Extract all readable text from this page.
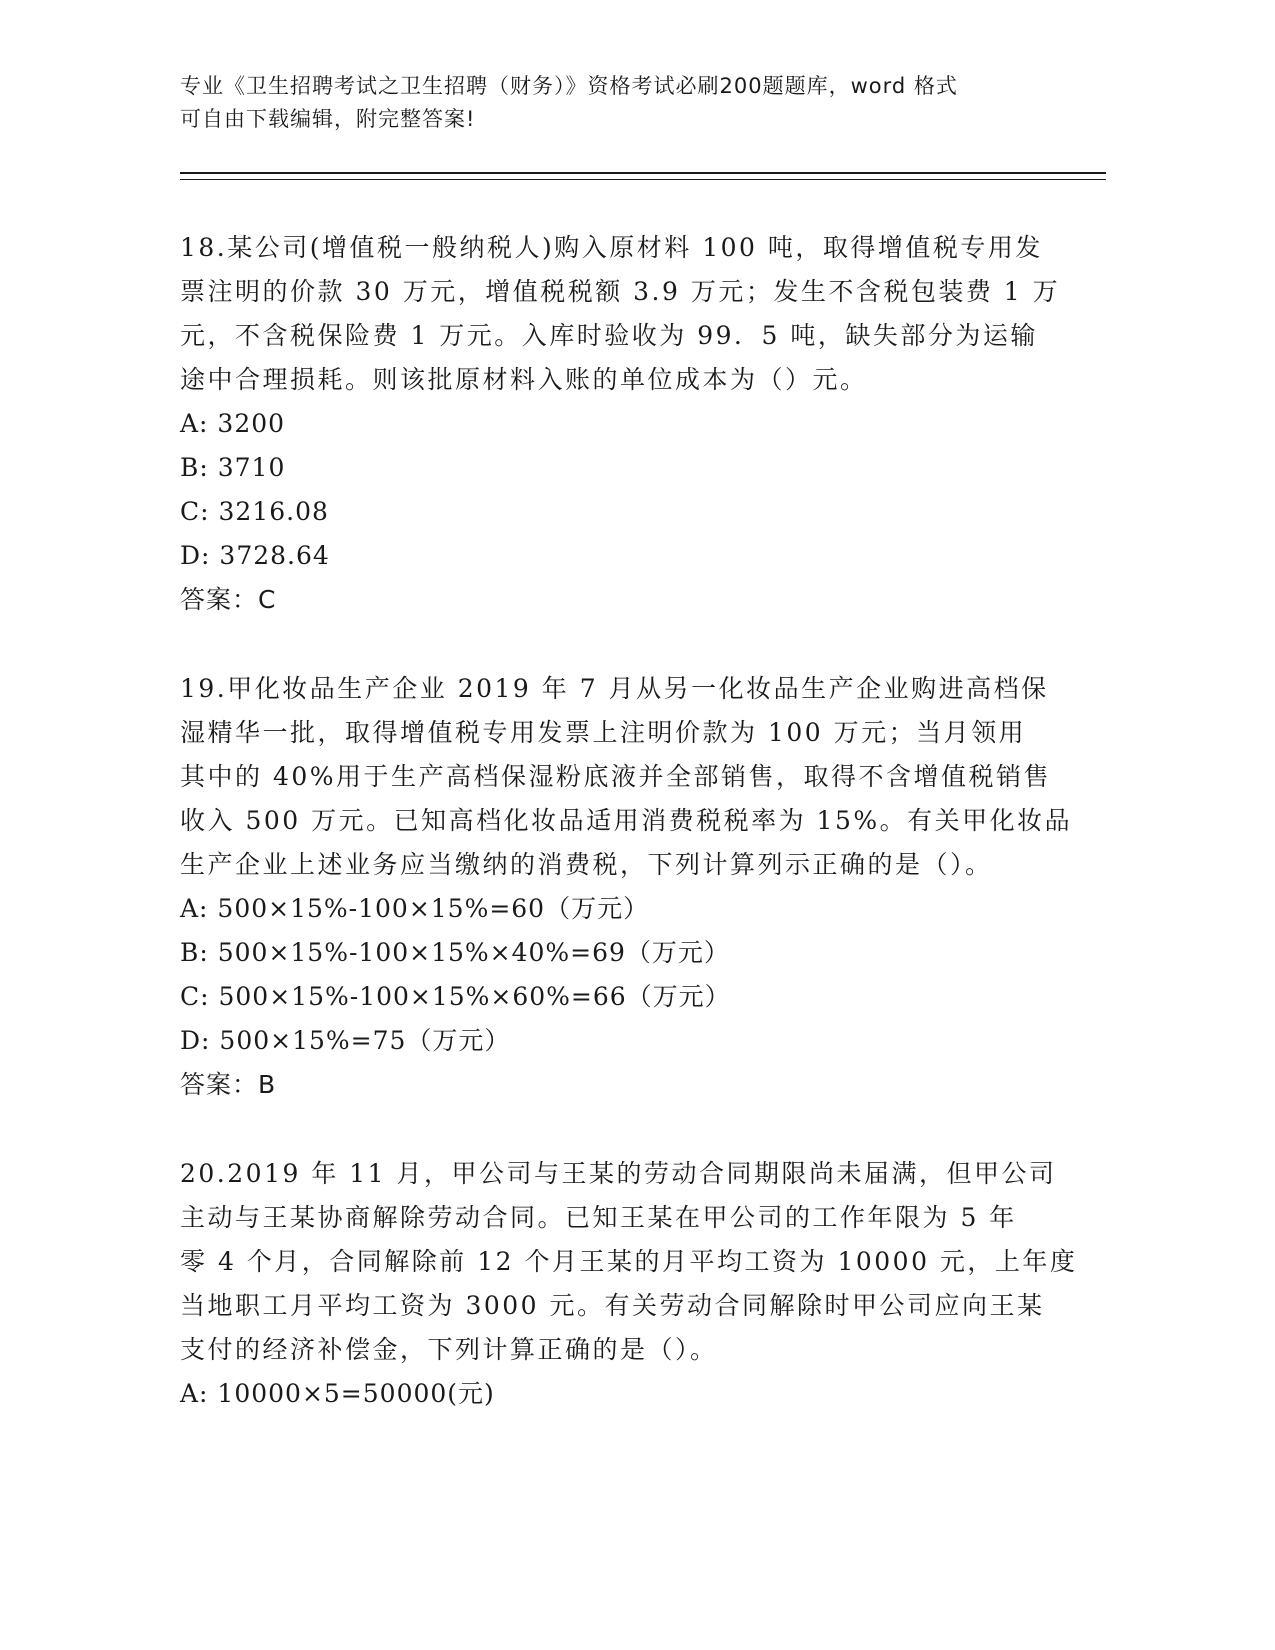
专业《卫生招聘考试之卫生招聘（财务）》资格考试必刷200题题库，word 格式
可自由下载编辑，附完整答案!
18.某公司(增值税一般纳税人)购入原材料 100 吨，取得增值税专用发
票注明的价款 30 万元，增值税税额 3.9 万元；发生不含税包装费 1 万
元，不含税保险费 1 万元。入库时验收为 99．5 吨，缺失部分为运输
途中合理损耗。则该批原材料入账的单位成本为（）元。
A: 3200
B: 3710
C: 3216.08
D: 3728.64
答案：C
19.甲化妆品生产企业 2019 年 7 月从另一化妆品生产企业购进高档保
湿精华一批，取得增值税专用发票上注明价款为 100 万元；当月领用
其中的 40%用于生产高档保湿粉底液并全部销售，取得不含增值税销售
收入 500 万元。已知高档化妆品适用消费税税率为 15%。有关甲化妆品
生产企业上述业务应当缴纳的消费税，下列计算列示正确的是（）。
A: 500×15%-100×15%=60（万元）
B: 500×15%-100×15%×40%=69（万元）
C: 500×15%-100×15%×60%=66（万元）
D: 500×15%=75（万元）
答案：B
20.2019 年 11 月，甲公司与王某的劳动合同期限尚未届满，但甲公司
主动与王某协商解除劳动合同。已知王某在甲公司的工作年限为 5 年
零 4 个月，合同解除前 12 个月王某的月平均工资为 10000 元，上年度
当地职工月平均工资为 3000 元。有关劳动合同解除时甲公司应向王某
支付的经济补偿金，下列计算正确的是（）。
A: 10000×5=50000(元)
